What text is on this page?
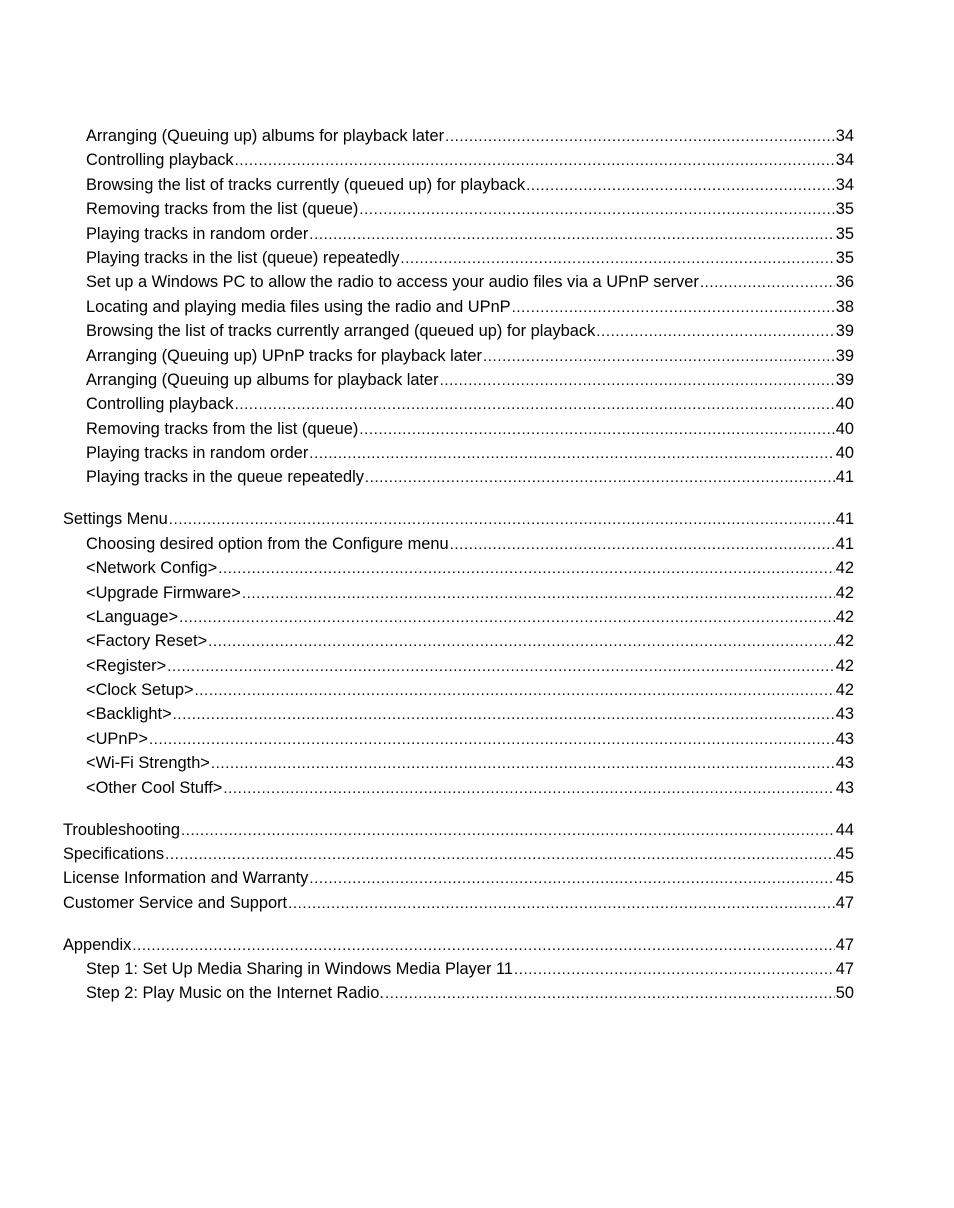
Arranging (Queuing up) albums for playback later .....	34
Controlling playback .....	34
Browsing the list of tracks currently (queued up) for playback .....	34
Removing tracks from the list (queue) .....	35
Playing tracks in random order .....	35
Playing tracks in the list (queue) repeatedly .....	35
Set up a Windows PC to allow the radio to access your audio files via a UPnP server .....	36
Locating and playing media files using the radio and UPnP .....	38
Browsing the list of tracks currently arranged (queued up) for playback .....	39
Arranging (Queuing up) UPnP tracks for playback later .....	39
Arranging (Queuing up albums for playback later .....	39
Controlling playback .....	40
Removing tracks from the list (queue) .....	40
Playing tracks in random order .....	40
Playing tracks in the queue repeatedly .....	41
Settings Menu .....	41
Choosing desired option from the Configure menu .....	41
<Network Config> .....	42
<Upgrade Firmware> .....	42
<Language> .....	42
<Factory Reset> .....	42
<Register> .....	42
<Clock Setup> .....	42
<Backlight> .....	43
<UPnP> .....	43
<Wi-Fi Strength> .....	43
<Other Cool Stuff> .....	43
Troubleshooting .....	44
Specifications .....	45
License Information and Warranty .....	45
Customer Service and Support .....	47
Appendix .....	47
Step 1: Set Up Media Sharing in Windows Media Player 11 .....	47
Step 2: Play Music on the Internet Radio. .....	50
